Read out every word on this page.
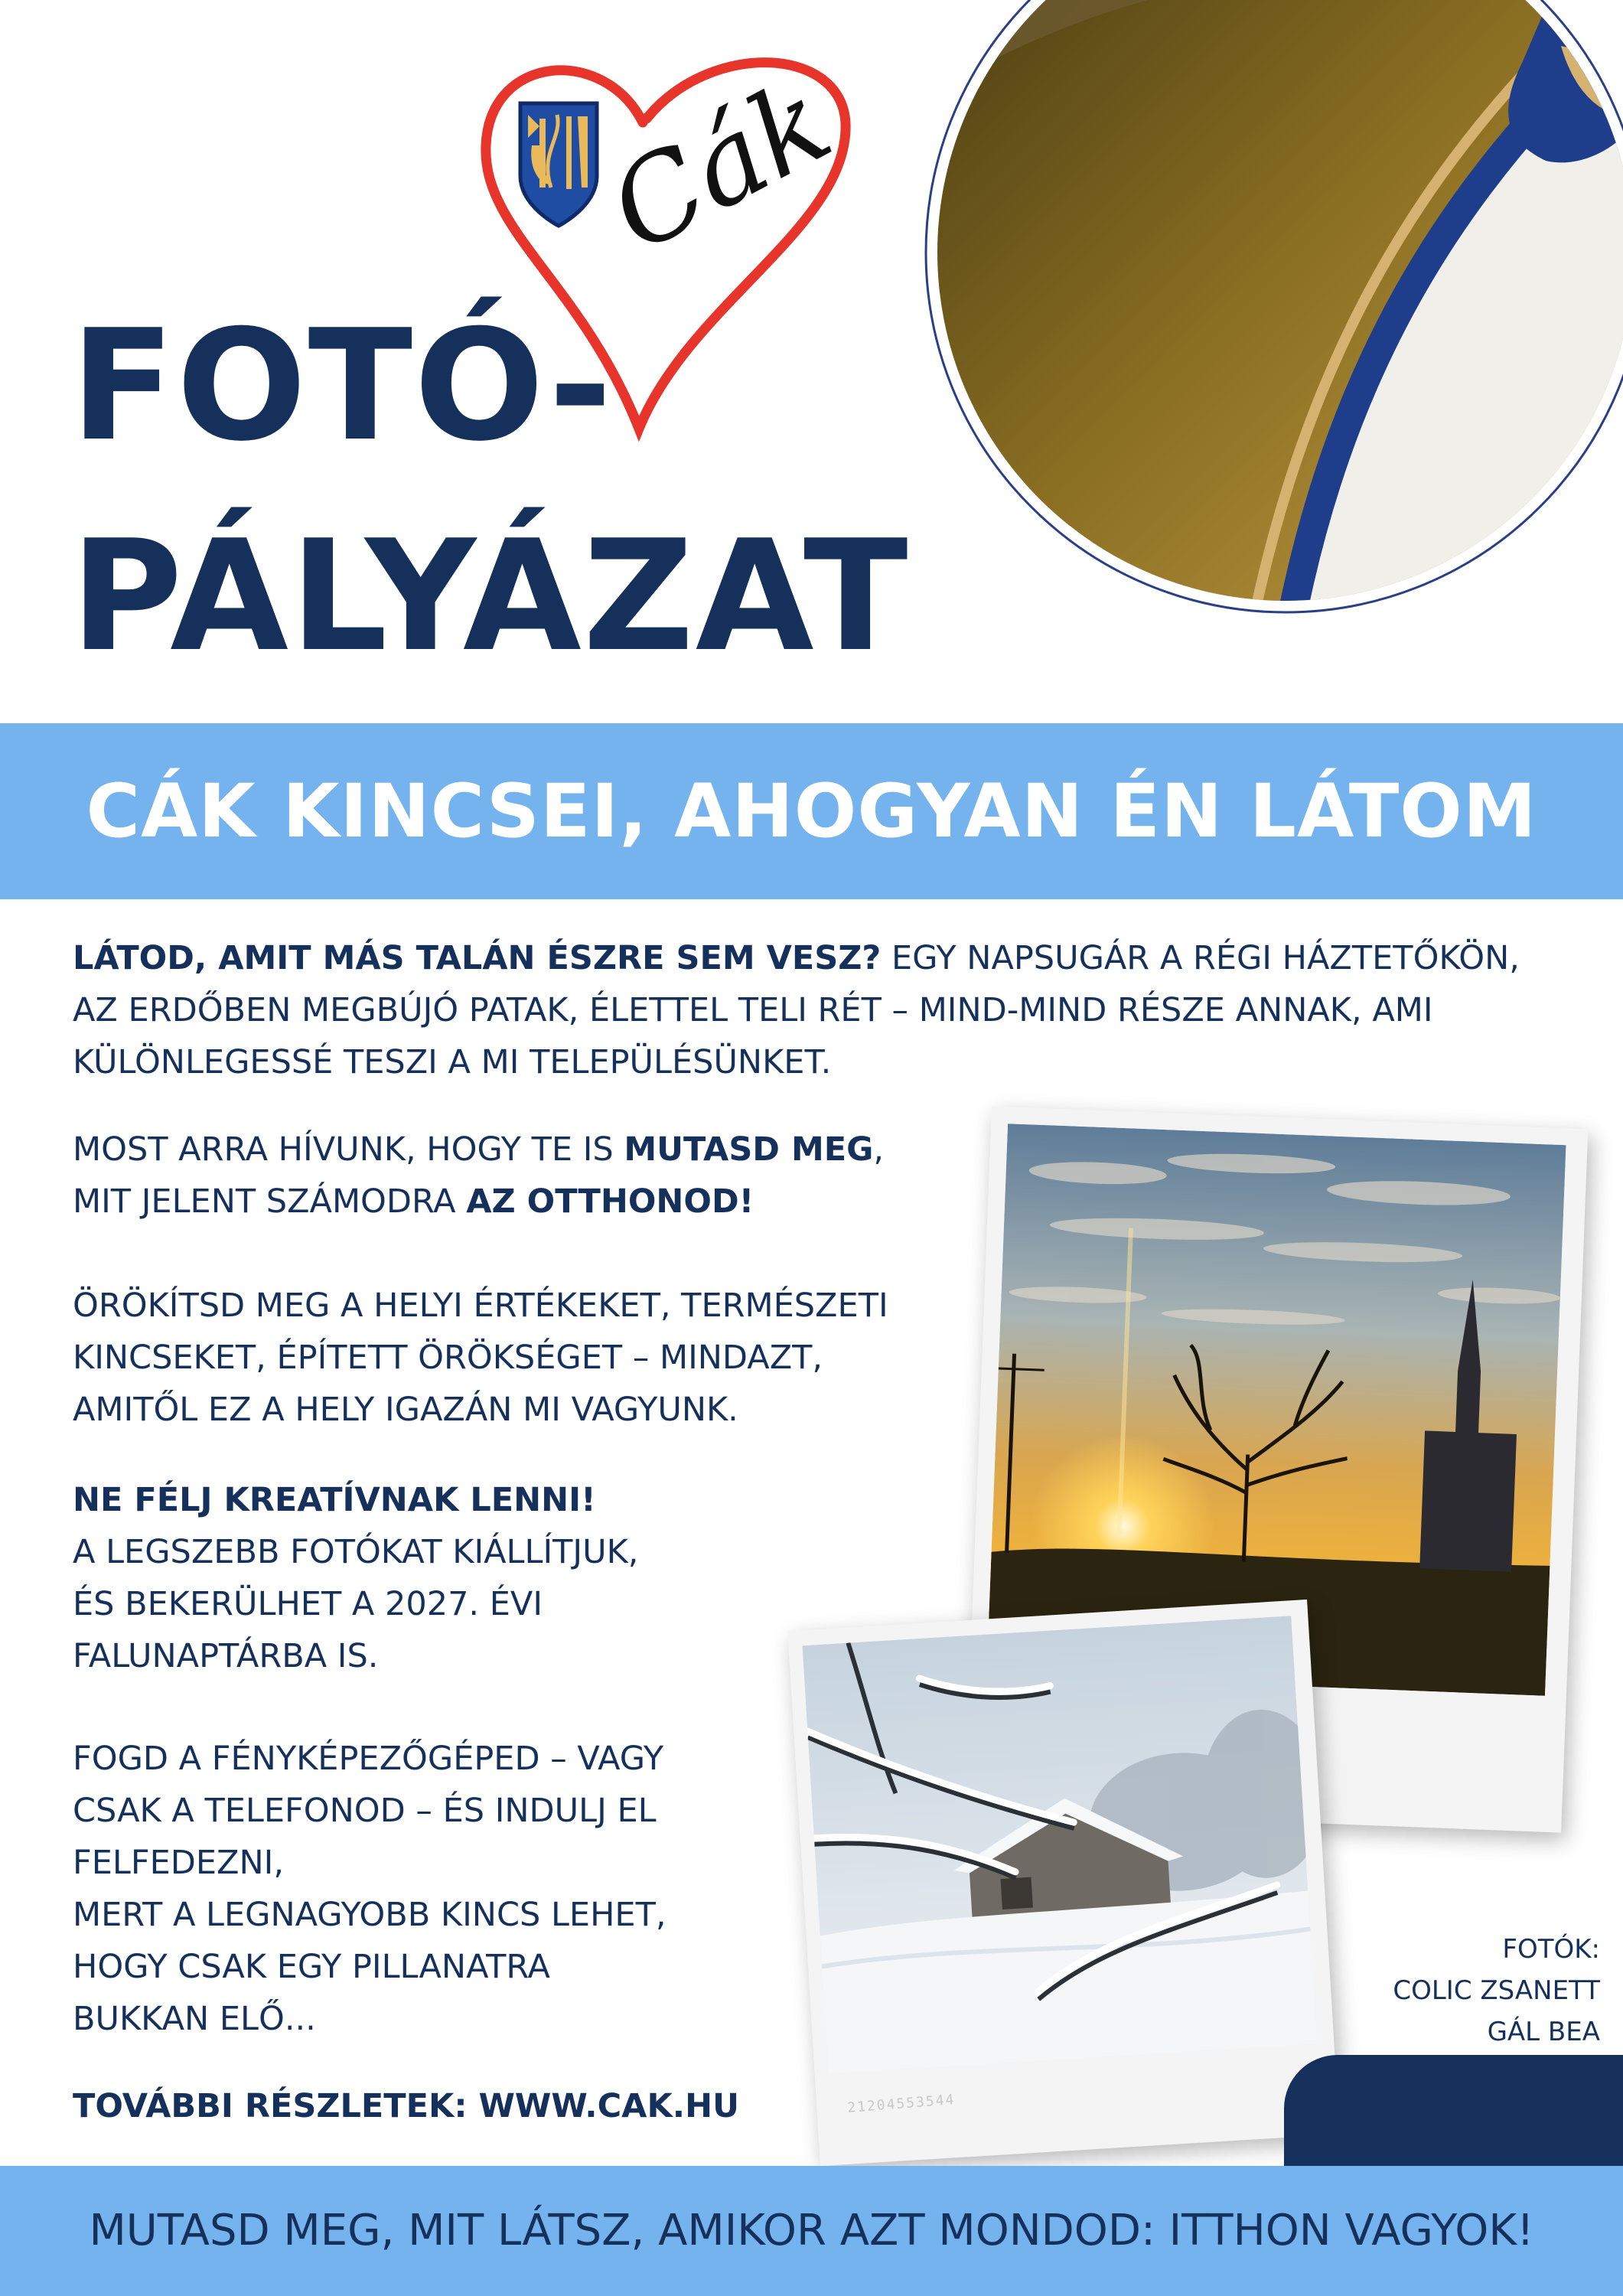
Cák
FOTÓ-
PÁLYÁZAT
CÁK KINCSEI, AHOGYAN ÉN LÁTOM
LÁTOD, AMIT MÁS TALÁN ÉSZRE SEM VESZ? EGY NAPSUGÁR A RÉGI HÁZTETŐKÖN, AZ ERDŐBEN MEGBÚJÓ PATAK, ÉLETTEL TELI RÉT – MIND-MIND RÉSZE ANNAK, AMI KÜLÖNLEGESSÉ TESZI A MI TELEPÜLÉSÜNKET.
MOST ARRA HÍVUNK, HOGY TE IS MUTASD MEG,
MIT JELENT SZÁMODRA AZ OTTHONOD!
ÖRÖKÍTSD MEG A HELYI ÉRTÉKEKET, TERMÉSZETI
KINCSEKET, ÉPÍTETT ÖRÖKSÉGET – MINDAZT,
AMITŐL EZ A HELY IGAZÁN MI VAGYUNK.
NE FÉLJ KREATÍVNAK LENNI!
A LEGSZEBB FOTÓKAT KIÁLLÍTJUK,
ÉS BEKERÜLHET A 2027. ÉVI
FALUNAPTÁRBA IS.
FOGD A FÉNYKÉPEZŐGÉPED – VAGY
CSAK A TELEFONOD – ÉS INDULJ EL
FELFEDEZNI,
MERT A LEGNAGYOBB KINCS LEHET,
HOGY CSAK EGY PILLANATRA
BUKKAN ELŐ...
TOVÁBBI RÉSZLETEK: WWW.CAK.HU	21204553544
FOTÓK:
COLIC ZSANETT
GÁL BEA
MUTASD MEG, MIT LÁTSZ, AMIKOR AZT MONDOD: ITTHON VAGYOK!
